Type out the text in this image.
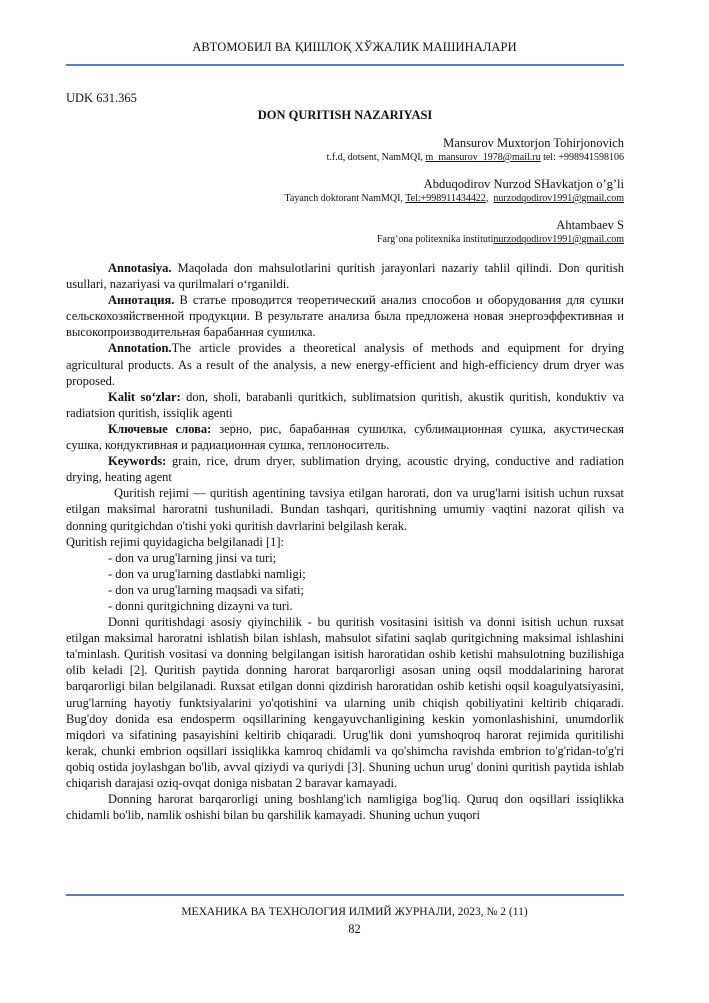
АВТОМОБИЛ ВА ҚИШЛОҚ ХЎЖАЛИК МАШИНАЛАРИ
UDK 631.365
DON QURITISH NAZARIYASI
Mansurov Muxtorjon Tohirjonovich
t.f.d, dotsent, NamMQI, m_mansurov_1978@mail.ru tel: +998941598106
Abduqodirov Nurzod SHavkatjon o’g’li
Tayanch doktorant NamMQI, Tel:+998911434422,  nurzodqodirov1991@gmail.com
Ahtambaev S
Farg‘ona politexnika institutinurzodqodirov1991@gmail.com

Annotasiya. Maqolada don mahsulotlarini quritish jarayonlari nazariy tahlil qilindi. Don quritish usullari, nazariyasi va qurilmalari o‘rganildi.

Аннотация. В статье проводится теоретический анализ способов и оборудования для сушки сельскохозяйственной продукции. В результате анализа была предложена новая энергоэффективная и высокопроизводительная барабанная сушилка.

Annotation.The article provides a theoretical analysis of methods and equipment for drying agricultural products. As a result of the analysis, a new energy-efficient and high-efficiency drum dryer was proposed.

Kalit so‘zlar: don, sholi, barabanli quritkich, sublimatsion quritish, akustik quritish, konduktiv va radiatsion quritish, issiqlik agenti

Ключевые слова: зерно, рис, барабанная сушилка, сублимационная сушка, акустическая сушка, кондуктивная и радиационная сушка, теплоноситель.

Keywords: grain, rice, drum dryer, sublimation drying, acoustic drying, conductive and radiation drying, heating agent

Quritish rejimi — quritish agentining tavsiya etilgan harorati, don va urug'larni isitish uchun ruxsat etilgan maksimal haroratni tushuniladi. Bundan tashqari, quritishning umumiy vaqtini nazorat qilish va donning quritgichdan o'tishi yoki quritish davrlarini belgilash kerak.

Quritish rejimi quyidagicha belgilanadi [1]:

- don va urug'larning jinsi va turi;

- don va urug'larning dastlabki namligi;

- don va urug'larning maqsadi va sifati;

- donni quritgichning dizayni va turi.

Donni quritishdagi asosiy qiyinchilik - bu quritish vositasini isitish va donni isitish uchun ruxsat etilgan maksimal haroratni ishlatish bilan ishlash, mahsulot sifatini saqlab quritgichning maksimal ishlashini ta'minlash. Quritish vositasi va donning belgilangan isitish haroratidan oshib ketishi mahsulotning buzilishiga olib keladi [2]. Quritish paytida donning harorat barqarorligi asosan uning oqsil moddalarining harorat barqarorligi bilan belgilanadi. Ruxsat etilgan donni qizdirish haroratidan oshib ketishi oqsil koagulyatsiyasini, urug'larning hayotiy funktsiyalarini yo'qotishini va ularning unib chiqish qobiliyatini keltirib chiqaradi. Bug'doy donida esa endosperm oqsillarining kengayuvchanligining keskin yomonlashishini, unumdorlik miqdori va sifatining pasayishini keltirib chiqaradi. Urug'lik doni yumshoqroq harorat rejimida quritilishi kerak, chunki embrion oqsillari issiqlikka kamroq chidamli va qo'shimcha ravishda embrion to'g'ridan-to'g'ri qobiq ostida joylashgan bo'lib, avval qiziydi va quriydi [3]. Shuning uchun urug' donini quritish paytida ishlab chiqarish darajasi oziq-ovqat doniga nisbatan 2 baravar kamayadi.

Donning harorat barqarorligi uning boshlang'ich namligiga bog'liq. Quruq don oqsillari issiqlikka chidamli bo'lib, namlik oshishi bilan bu qarshilik kamayadi. Shuning uchun yuqori

МЕХАНИКА ВА ТЕХНОЛОГИЯ ИЛМИЙ ЖУРНАЛИ, 2023, № 2 (11)
82
